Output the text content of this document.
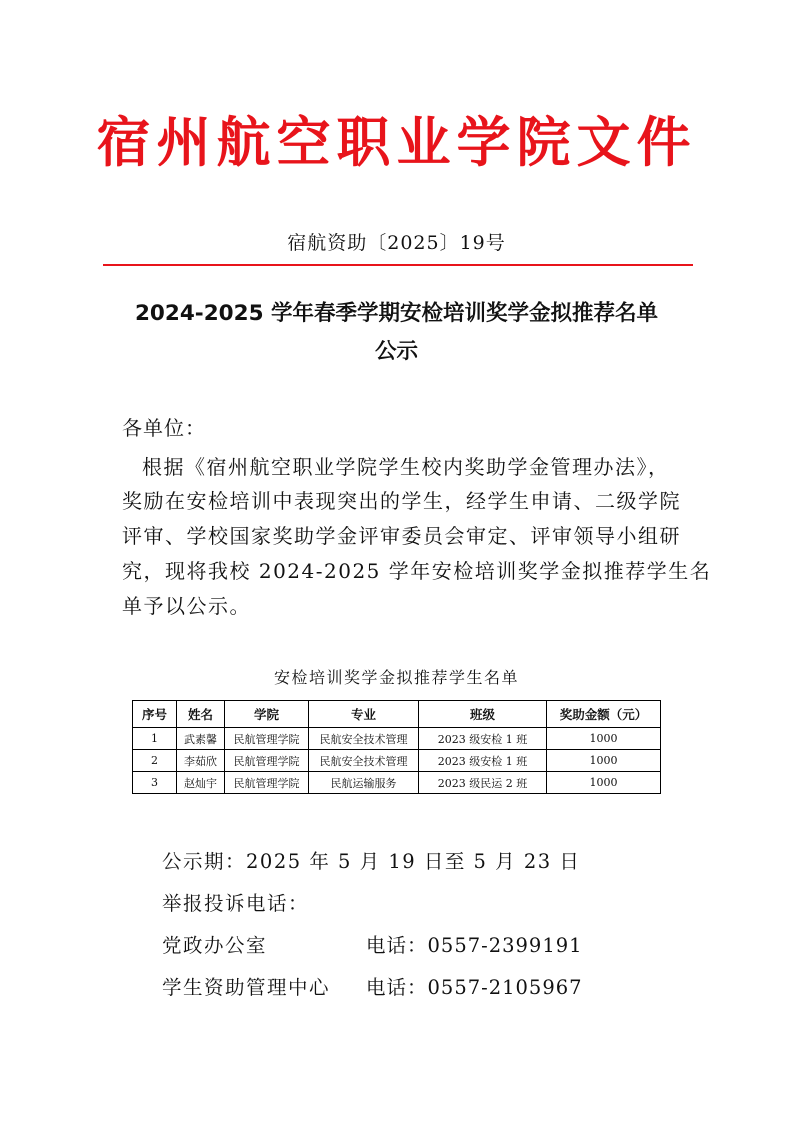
宿州航空职业学院文件
宿航资助〔2025〕19号
2024-2025 学年春季学期安检培训奖学金拟推荐名单
公示
各单位：
根据《宿州航空职业学院学生校内奖助学金管理办法》，
奖励在安检培训中表现突出的学生，经学生申请、二级学院
评审、学校国家奖助学金评审委员会审定、评审领导小组研
究，现将我校 2024-2025 学年安检培训奖学金拟推荐学生名
单予以公示。
安检培训奖学金拟推荐学生名单
序号	姓名	学院	专业	班级	奖助金额（元）
1	武素馨	民航管理学院	民航安全技术管理	2023 级安检 1 班	1000
2	李茹欣	民航管理学院	民航安全技术管理	2023 级安检 1 班	1000
3	赵灿宇	民航管理学院	民航运输服务	2023 级民运 2 班	1000
公示期：2025 年 5 月 19 日至 5 月 23 日
举报投诉电话：
党政办公室	电话：0557-2399191
学生资助管理中心 电话：0557-2105967
